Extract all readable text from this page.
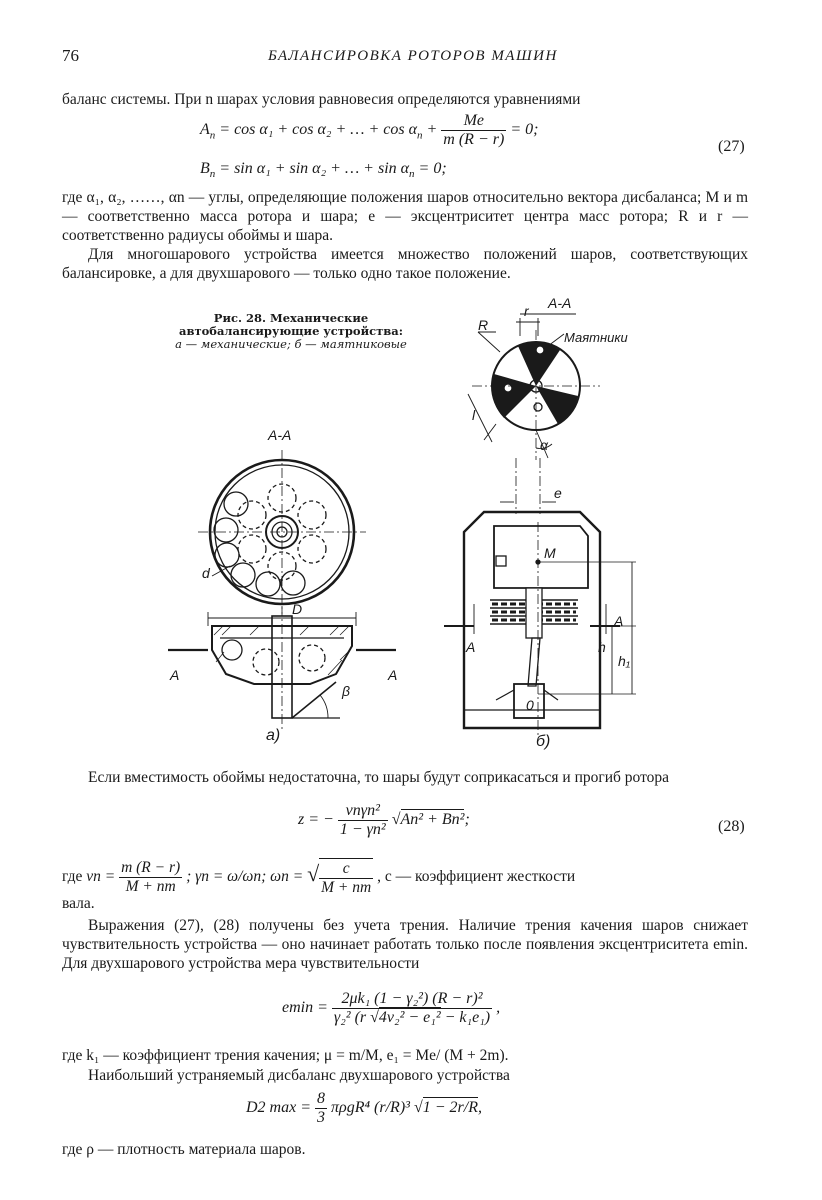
76	БАЛАНСИРОВКА РОТОРОВ МАШИН
баланс системы. При n шарах условия равновесия определяются уравнениями
$A_n = \cos \alpha_1 + \cos \alpha_2$ + … + $\cos \alpha_n + \frac{Me}{m (R - r)} = 0$;
(27)
$B_n = \sin \alpha_1 + \sin \alpha_2$ + … + $\sin \alpha_n = 0$;
где α₁, α₂, ……, αn — углы, определяющие положения шаров относительно вектора дисбаланса; M и m — соответственно масса ротора и шара; e — эксцентриситет центра масс ротора; R и r — соответственно радиусы обоймы и шара.
Для многошарового устройства имеется множество положений шаров, соответствующих балансировке, а для двухшарового — только одно такое положение.
Рис. 28. Механические автобалансирующие устройства:
а — механические; б — маятниковые
A-A
A-A
Маятники
R
r
l
α
d
D
A	A
β
e
M
A
A
h
h₁
0
а)	б)
Если вместимость обоймы недостаточна, то шары будут соприкасаться и прогиб ротора
z = − $\frac{\text{νnγn²}}{\text{1 − γn²}} √An^2 + Bn^2$;	(28)
где $\nu n = \frac{m (R - r)}{M + nm}$ ; γn = ω/ωn; ωn = √ $\frac{c}{M + nm}$ , c — коэффициент жесткости
вала.
Выражения (27), (28) получены без учета трения. Наличие трения качения шаров снижает чувствительность устройства — оно начинает работать только после появления эксцентриситета emin. Для двухшарового устройства мера чувствительности
$emin = \frac{\text{2μk₁ (1 − γ₂²) (R − r)²}}{\text{γ₂² (r √4ν₂² − e₁² − k₁e₁)}}$ ,
где k₁ — коэффициент трения качения; μ = m/M, e₁ = Me/ (M + 2m).
Наибольший устраняемый дисбаланс двухшарового устройства
D2 $\max = \frac{8}{3} \pi\rho gR^4$ (r/R)³ √1 − 2r/R,
где ρ — плотность материала шаров.
